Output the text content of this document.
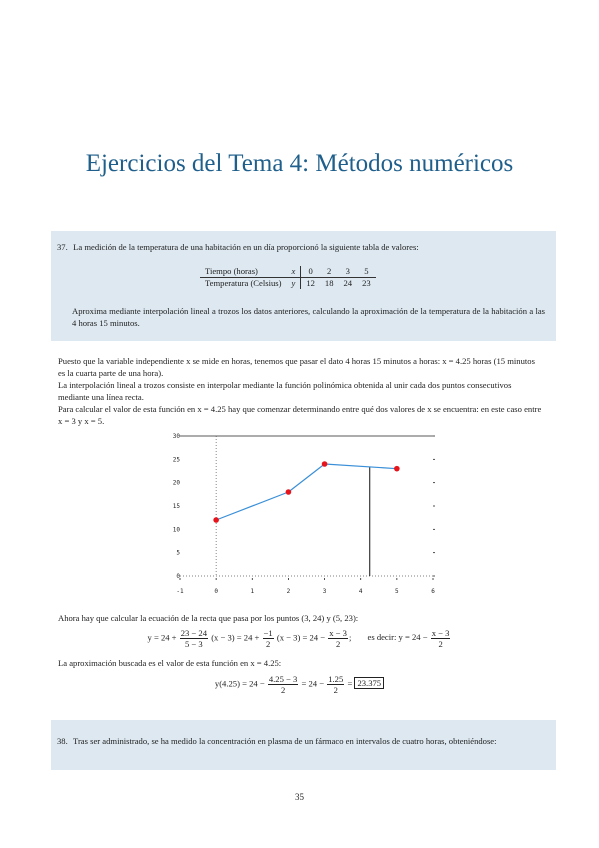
Ejercicios del Tema 4: Métodos numéricos
37. La medición de la temperatura de una habitación en un día proporcionó la siguiente tabla de valores:
Tiempo (horas)	x	0	2	3	5
Temperatura (Celsius)	y	12	18	24	23
Aproxima mediante interpolación lineal a trozos los datos anteriores, calculando la aproximación de la temperatura de la habitación a las 4 horas 15 minutos.
Puesto que la variable independiente x se mide en horas, tenemos que pasar el dato 4 horas 15 minutos a horas: x = 4.25 horas (15 minutos es la cuarta parte de una hora).
La interpolación lineal a trozos consiste en interpolar mediante la función polinómica obtenida al unir cada dos puntos consecutivos mediante una línea recta.
Para calcular el valor de esta función en x = 4.25 hay que comenzar determinando entre qué dos valores de x se encuentra: en este caso entre x = 3 y x = 5.
-1	0	1	2	3	4	5	6
0
5
10
15
20
25
30
Ahora hay que calcular la ecuación de la recta que pasa por los puntos (3, 24) y (5, 23):
$y = 24 + \frac{23 - 24}{5 - 3} (x - 3) = 24 + \frac{-1}{2} (x - 3) = 24 - \frac{x - 3}{2}$ ; es decir: $y = 24 - \frac{x - 3}{2}$
La aproximación buscada es el valor de esta función en x = 4.25:
$y(4.25) = 24 - \frac{4.25 - 3}{2} = 24 - \frac{1.25}{2} = 23.375$
38. Tras ser administrado, se ha medido la concentración en plasma de un fármaco en intervalos de cuatro horas, obteniéndose:
35
